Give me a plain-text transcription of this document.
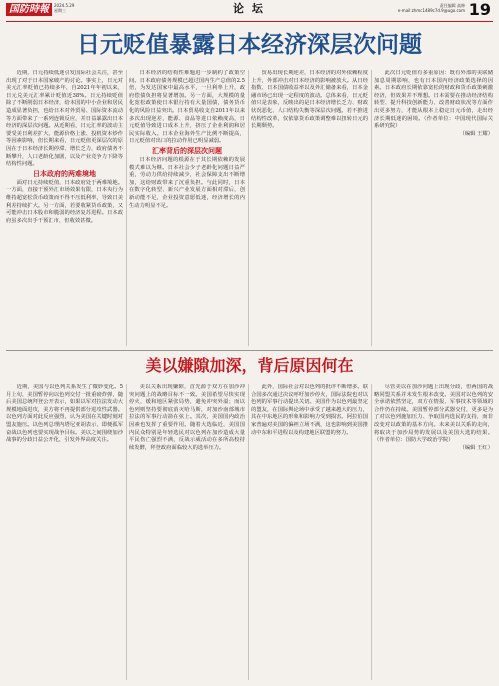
国防時報	2024.5.29
星期三	论 坛	责任编辑 高修
e-mail:zhmc1489c7d.9@ugo.com 19
日元贬值暴露日本经济深层次问题

近期，日元持续低迷引发国际社会关注，甚至出现了对于日本国家破产的讨论。事实上，日元对美元汇率贬值已持续多年，自2021年年初以来，日元兑美元汇率累计贬值近38%。日元持续贬值除了不断削弱日本经济，给本国的中小企业和居民造成显著负担，也给日本对外贸易、国际资本流动等方面带来了一系列连锁反应，并日益暴露出日本经济的深层次问题。从近期看，日元汇率的波动主要受美日利差扩大、能源价格上涨、投机资本炒作等因素影响，但长期来看，日元贬值更深层次的原因在于日本经济长期停滞、增长乏力，政府债务不断攀升，人口老龄化加剧，以及产业竞争力下降等结构性问题。

日本政府的两难境地

面对日元持续贬值，日本政府处于两难境地。一方面，直接干预外汇市场效果有限，日本央行为维持超宽松货币政策而不得不压低利率，导致日美利差持续扩大。另一方面，若要收紧货币政策，又可能冲击日本股市和脆弱的经济复苏进程。日本政府虽多次出手干预汇市，但收效甚微。

日本经济的结构性难题进一步制约了政策空间。日本政府债务规模已超过国内生产总值的2.5倍，为发达国家中最高水平，一旦利率上升，政府偿债负担将显著增加。另一方面，大规模的量化宽松政策使日本银行持有大量国债，债务货币化的风险日益突出。日本贸易收支自2011年以来多次出现逆差，能源、食品等进口依赖度高，日元贬值导致进口成本上升，挤压了企业利润和居民实际收入。日本企业海外生产比例不断提高，日元贬值对出口的拉动作用已明显减弱。

汇率背后的深层次问题

日本经济问题的根源在于其长期依赖的发展模式难以为继。日本社会少子老龄化问题日益严重，劳动力供给持续减少，社会保障支出不断增加，这给财政带来了沉重负担。与此同时，日本在数字化转型、新兴产业发展方面相对滞后，创新动能不足，企业投资意愿低迷，经济增长的内生动力明显不足。

贸易出现长期逆差，日本经济的对外依赖程度上升，外部冲击对日本经济的影响被放大。从日经指数、日本国债收益率以及外汇储备来看，日本金融市场已出现一定程度的波动。总体来看，日元贬值只是表象，反映出的是日本经济增长乏力、财政状况恶化、人口结构失衡等深层次问题。若不推进结构性改革，仅依靠货币政策调整难以扭转日元的长期颓势。

此次日元贬值有多重原因：既有外部的美联储加息周期影响，也有日本国内经济政策选择的因素。日本政府长期依靠宽松的财政和货币政策刺激经济，但效果并不理想。日本需要在推动经济结构转型、提升科技创新能力、改善财政状况等方面作出更多努力，才能从根本上稳定日元币值，走出经济长期低迷的困境。（作者单位：中国现代国际关系研究院）

（编辑 王耀）

美以嫌隙加深，背后原因何在

近期，美国与以色列关系发生了微妙变化。5月上旬，美国暂停向以色列交付一批重磅炸弹，随后美国总统拜登公开表示，如果以军对拉法发动大规模地面进攻，美方将不再提供部分进攻性武器。以色列方面对此反应强烈，认为美国在关键时刻对盟友施压。以色列总理内塔尼亚胡表示，即便孤军奋战以色列也要实现战争目标。美以之间围绕加沙战事的分歧日益公开化，引发外界高度关注。

美以关系出现嫌隙，首先源于双方在加沙冲突问题上的战略目标不一致。美国希望尽快实现停火，缓和地区紧张局势，避免冲突外溢；而以色列则坚持要彻底消灭哈马斯，对加沙南部城市拉法的军事行动箭在弦上。其次，美国国内政治因素也发挥了重要作用。随着大选临近，美国国内民众特别是年轻选民对以色列在加沙造成大量平民伤亡强烈不满，反战示威活动在多所高校持续发酵，拜登政府面临较大的选举压力。

此外，国际社会对以色列的批评不断增多。联合国多次通过决议呼吁加沙停火，国际法院也对以色列的军事行动提出关切。美国作为以色列最坚定的盟友，在国际舆论场中承受了越来越大的压力，其在中东地区的形象和影响力受到损害。阿拉伯国家普遍对美国的偏袒立场不满，这也影响到美国推动中东和平进程以及构建地区联盟的努力。

尽管美以在加沙问题上出现分歧，但两国的战略同盟关系并未发生根本改变。美国对以色列的安全承诺依然坚定，双方在情报、军事技术等领域的合作仍在持续。美国暂停部分武器交付，更多是为了对以色列施加压力、争取国内选民的支持，而非改变对以政策的基本方向。未来美以关系的走向，将取决于加沙局势的发展以及美国大选的结果。（作者单位：国防大学政治学院）

（编辑 王红）
